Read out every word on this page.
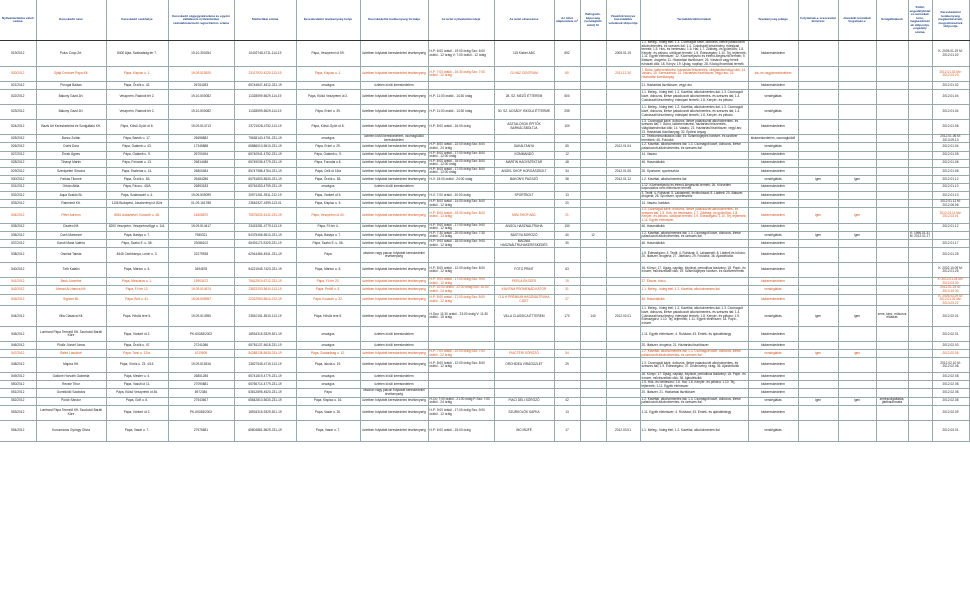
Nyilvántartásba vételi száma	Kereskedő neve	Kereskedő székhelye	Kereskedő cégjegyzékszáma és egyéni vállalkozói nyilvántartási száma/kistermelő regisztrációs száma	Statisztikai száma	Kereskedelmi tevékenység helye	Kereskedelmi tevékenység formája	Az üzlet nyitvatartási ideje	Az üzlet elnevezése	Az üzlet alapterülete m²	Befogadó-képesség (vendéglátó üzlet) fő	Vásárlók könyve használatba vételének időpontja	Termékkörök/termékek	Tevékenység jellege	Folytatnak-e szeszesital kimérést	Jövedéki termékek forgalmaz-e	Szolgáltatások	Külön engedélyköteles termékek köre, megkezdésének időpontja, engedély száma,	Kereskedelmi tevékenység megkezdésének, megszűnésének időpontja
519/2012	Polus Coop Zrt.	8400 Ajka, Szabadság tér 7.	19-10-300254	10402748-4711-114-19	Pápa, Veszprémi út 59.	üzletben folytatott kereskedelmi tevékenység	H-P: 6:00 órától - 19:00 óráig Szo: 6:00 órától - 12 óráig V: 7:00 órától - 12 óráig	115 Kisker ABC	692		2005.01.19	1.1. Meleg-, hideg étel; 1.3. Csomagolt kávé, dobozos, illetve palackozott alkoholmentes- és szeszes ital; 1.4. Cukrászati készítmény, édesipari termék; 1.5. Hús- és hentesáru; 1.6. Hal; 1.7. Zöldség- és gyümölcs; 1.8. Kenyér- és pékáru, sütőipari termék; 1.9. Édességáru; 1.10. Tej, tejtermék; 1.11. Egyéb élelmiszer; 12. Közérzetjavító és étrend-kiegészítő termék; 9. Illatszer, drogéria; 11. Háztartási tisztítószer; 26. Vásárolt vagy bérelt ruházati cikk; 18. Könyv; 19. Újság, napilap; 28. Kőolaj-finomítási termék	kiskereskedelem					K: 2005.01.19 M: 2012.01.02
520/2012	Ojtájt Centrum Pápa Kft.	Pápa, Kispiac u. 1.	19-09-515520	23117920-4220-113-19	Pápa, Kispiac u. 1.	üzletben folytatott kereskedelmi tevékenység	H-P: 7:00 órától - 16:30 óráig Szo: 7:00 órától - 12 óráig	GI-HÁZ CENTRUM	60		2011.12.30	7. Bútor, lakberendezési, háztartási felszerelés, világítástechnikai cikk; 14. Vasáru, 15. Szerszámok; 21. Háztartási tisztítószer, vegyi áru; 23. Háztartási tüzelőanyag	kis- és nagykereskedelem					2012.01.02 Mv: 2012.03.23
521/2012	Porogai Balázs	Pápa, Őrzők u. 42.	26764283	65744847-4612-231-19	országos	üzleten kívüli kereskedelem						21. Háztartási tisztítószer, vegyi áru	kiskereskedelem					2012.01.02
522/2012	Bakony Gazd Zrt.	Veszprém, Radnóti tér 2.	19-10-500082	11328599-5629-114-19	Pápa, Külső Veszprémi út 2.	üzletben folytatott kereskedelmi tevékenység	H-P: 11:00 órától - 14:30 óráig	28. SZ. MEZŐ ÉTTEREM	500			1.1. Meleg-, hideg étel; 1.2. Kávéital, alkoholmentes ital; 1.3. Csomagolt kávé, dobozos, illetve palackozott alkoholmentes- és szeszes ital; 1.4. Cukrászati készítmény, édesipari termék; 1.8. Kenyér- és pékáru	vendéglátás					2012.01.04
523/2012	Bakony Gazd Zrt.	Veszprém, Radnóti tér 2.	19-10-500082	11328599-5629-114-19	Pápa, Erkel u. 39.	üzletben folytatott kereskedelmi tevékenység	H-P: 11:00 órától - 14:30 óráig	30. SZ. ACSÁDY ISKOLA ÉTTERME	255			1.1. Meleg-, hideg étel; 1.2. Kávéital, alkoholmentes ital; 1.3. Csomagolt kávé, dobozos, illetve palackozott alkoholmentes- és szeszes ital; 1.4. Cukrászati készítmény, édesipari termék; 1.8. Kenyér- és pékáru	vendéglátás					2012.01.04
524/2012	Bazis Art Kereskedelmi és Szolgáltató Kft.	Pápa, Külső-Győri út 8.	19-09-514713	23721528-4752-113-19	Pápa, Külső-Győri út 8.	üzletben folytatott kereskedelmi tevékenység	H-P: 8:00 órától - 16:00 óráig	ASZTALOSOK ÉPÍTŐK BARKÁCSBOLTJA	100			1.3. Csomagolt kávé, dobozos, illetve palackozott alkoholmentes- és szeszes ital; 7. Bútor, lakberendezési, háztartási felszerelés, világítástechnikai cikk; 14. Vasáru; 21. Háztartási tisztítószer, vegyi áru; 23. Háztartási tüzelőanyag; 32. Építési anyag	kiskereskedelem					2012.01.06
525/2012	Boncz Zoltán	Pápa, Bartók u. 17.	26698882	75638140-4791-231-19	országos	üzleten kívüli kereskedelem, csomagküldő kereskedelem						12. Telekommunikációs cikk; 19. Számítógépes hardver- és szoftver termékek; 46. Fotócikk	kiskereskedelem, csomagküldő					2012.01.06 M: 2013.09.13
526/2012	Csehi Dóra	Pápa, Galamb u. 43.	17345888	65886010-5610-231-19	Pápa, Erkel u. 29.	üzletben folytatott kereskedelmi tevékenység	H-P: 8:00 órától - 22:00 óráig Szo: 8:00 órától - 24 óráig	SAKÁLTANYA	55		2012.01.04	1.2. Kávéital, alkoholmentes ital; 1.3. Csomagolt kávé, dobozos, illetve palackozott alkoholmentes- és szeszes ital	vendéglátás					2012.01.04
527/2012	Ércek Ágnes	Pápa, Galamb u. 9.	26700494	65740941-4752-231-19	Pápa, Galamb u. 9.	üzletben folytatott kereskedelmi tevékenység	H-P: 8:00 órától - 17:00 óráig Szo: 8:00 órától - 12:00 óráig	KOMMANDÓ	12			14. Vasáru	kiskereskedelem					2012.01.05
528/2012	Tihanyi Martin	Pápa, Fonodai u. 13.	26814486	65749036-4779-231-19	Pápa, Fonodai u.6.	üzletben folytatott kereskedelmi tevékenység	H-P: 8:00 órától - 16:00 óráig Szo: 8:00 órától - 12:00 óráig	MARTIN HAGYATÉKTÁR	48			46. Használtcikk	kiskereskedelem					2012.01.06
529/2012	Szentpéteri Simona	Pápa, Eszterás u. 41.	26800484	65747988-4764-231-19	Pápa, Celli út 16/a	üzletben folytatott kereskedelmi tevékenység	H-P: 8:00 órától - 17:00 óráig Szo: 8:00 órától - 12:00 óráig	ANGEL SHOP HORGÁSZBOLT	34		2012.01.06	26. Sportszer, sporteszköz	kiskereskedelem					2012.01.06
530/2012	Farkas Tiborné	Pápa, Őrzők u. 83.	26484286	65751803-5630-231-19	Pápa, Őrzők u. 83.	üzletben folytatott kereskedelmi tevékenység	H-V: 15:00 órától - 24:00 óráig	BAKONYI PAGSZÓ	38		2012.01.12	1.2. Kávéital, alkoholmentes ital	vendéglátás	igen	igen			2012.01.12
531/2012	Orbán Attila	Pápa, Fáva u. 40/A	26893183	65754353-4799-231-19	országos	üzleten kívüli kereskedelem						1.12. Közérzetjavító és étrend-kiegészítő termék; 26. Közvetlen kapcsolatos nem élelmiszer termék	kiskereskedelem					2012.01.10
532/2012	Aqua Szaldó Bt.	Pápa, Szalmavári u. 4.	19-06-505099	20971261-9311-212-19	Pápa, Várkert út 5.	üzletben folytatott kereskedelmi tevékenység	H-V: 7:00 órától - 20:00 óráig	SPORTBOLT	13			3. Textil; 4. Ruházat; 5. Lakástextil, textilruházat; 8. Lábbeli; 20. Illatszer, drogéria; 26. Sportszer, sporteszköz	kiskereskedelem					2012.01.10
533/2012	Ramnimit Kft.	1106 Budapest, Jászberényi út 82/a	01-09-161788	23661927-4399-113-01	Pápa, Kispiac u. 5.	üzletben folytatott kereskedelmi tevékenység	H-P: 8:00 órától - 14:00 óráig Szo: 8:00 órától - 12 óráig		20			14. Vasáru, barkács	kiskereskedelem					2012.01.11 M: 2012.06.06
534/2012	Péter Adrienn	8561 Adásztevel, Kossuth u. 48.	16408870	75575832-6142-231-19	Pápa, Veszprémi út 40.	üzletben folytatott kereskedelmi tevékenység	H-P: 8:00 órától - 15:00 óráig Szo: 8:00 órától - 13 óráig	MINI SHOP ABC	21			1.3. Csomagolt kávé, dobozos, illetve palackozott alkoholmentes- és szeszes ital; 1.5. Hús- és hentesáru; 1.7. Zöldség- és gyümölcs; 1.8. Kenyér- és pékáru, sütőipari termék; 1.9. Édességáru; 1.10. Tej, tejtermék; 1.11. Egyéb élelmiszer	kiskereskedelem	igen	igen			2012.01.11 Mv: 2012.03.01
535/2012	Ciszteo Kft.	8200 Veszprém, Veszprémvölgyi u. 1/A.	19-09-514417	23415281-4779-113-19	Pápa, Fő tér 4.	üzletben folytatott kereskedelmi tevékenység	H-P: 9:00 órától - 17:00 óráig Szo: 9:00 órától - 12 óráig	ANGOL HASZNÁLTRUHA	150			46. Használtcikk	kiskereskedelem					2012.01.12
536/2012	Cseh Mártonné	Pápa, Bástya u. 7.	7985321	54375456-5610-231-19	Pápa, Bástya u. 7.	üzletben folytatott kereskedelmi tevékenység	H-P: 7:30 órától - 20:00 óráig Szo: 7:30 órától - 24 óráig	BÁSTYA BOROZÓ	40	12		1.2. Kávéital, alkoholmentes ital; 1.3. Csomagolt kávé, dobozos, illetve palackozott alkoholmentes- és szeszes ital	vendéglátás	igen	igen		K: 1996.01.31 M: 2012.01.17	
537/2012	Karóti Mária Valéria	Pápa, Szabó E. u. 56.	23086102	65491173-9329-231-19	Pápa, Szabó E. u. 56.	üzletben folytatott kereskedelmi tevékenység	H-P: 9:00 órától - 18:00 óráig Szo: 9:00 órától - 12 óráig	MAGNIA HASZNÁLTRUHAKERESKEDÉS	30			46. Használtcikk	kiskereskedelem					2012.01.17
538/2012	Osmiák Tamás	8445 Csehbánya, Lenin u. 3.	22279938	62044484-4941-231-19	Pápa	vásáron vagy piacon folytatott kereskedelmi tevékenység						1.9. Édességáru; 3. Textil; 4. Ruházat; 5. Lakástextil; 8. Lábbeli és bőráru; 20. Illatszer, drogéria; 27. Játékáru; 29. Fotócikk; 36. Ajándékcikk	kiskereskedelem					2012.01.25
540/2012	Tóth Katalin	Pápa, Márton u. 5.	3494878	54221545-7420-231-19	Pápa, Márton u. 5.	üzletben folytatott kereskedelmi tevékenység	H-P: 8:00 órától - 12:00 óráig Szo: 8:00 órától - 12 óráig	FOTO PRINT	63			16. Könyv; 17. Újság, napilap, folyóirat, periodikus kiadvány; 18. Papír- és írószer, művészellátó cikk; 19. Számítógépes hardver- és szoftvertermék	kiskereskedelem					K: 2002.10.09 M: 2012.01.25
541/2012	Beck Józsefné	Pápa, Mészáros u. 1.	15903472	75612919-6712-231-19	Pápa, Fő tér 20.	üzletben folytatott kereskedelmi tevékenység	H-P: 9:00 órától - 17:00 óráig Szo: 9:00 órától - 12 óráig	PERLA ÉKSZER	19			37. Ékszer, bizsu	kiskereskedelem					K: 2012.01.24 Mv: 2012.03.30
542/2012	Ahmad Al-Hamza Kft.	Pápa, Fő tér 12.	19-09-514574	23823193-5610-113-19	Pápa, Petőfi u. 5.	üzletben folytatott kereskedelmi tevékenység	H-P: 10:00 órától - 22:00 óráig Szo: 10:00 órától - 24 óráig	KAVITAM PROMENÁD KÁTOR	31			1.1. Meleg-, hideg étel; 1.2. Kávéital, alkoholmentes ital	vendéglátás					2012.01.24 M: 2013.10.30
543/2012	Signore Bt.	Pápa, Bolt u. 41.	19-06-508957	22322953-5610-212-19	Pápa, Kossuth u. 22.	üzletben folytatott kereskedelmi tevékenység	H-P: 8:00 órától - 17:00 óráig Szo: 8:00 órától - 12 óráig	O & H PRÉMIUM HASZNÁLTRUHA CIZET	27			46. Használtcikk	kiskereskedelem					K: 2006.03.29 M: 2012.01.31 Mv: 2013.03.22
544/2012	Villa Classica Kft.	Pápa, Hősök tere 5.	19-09-514955	23810151-5510-113-19	Pápa, Hősök tere 5.	üzletben folytatott kereskedelmi tevékenység	H-Szo: 11:30 órától - 23:00 óráig V: 11:30 órától - 15 óráig	VILLA CLASSICA ÉTTEREM	170	140	2012.02.01	1.1. Meleg-, hideg étel; 1.2. Kávéital, alkoholmentes ital; 1.3. Csomagolt kávé, dobozos, illetve palackozott alkoholmentes- és szeszes ital; 1.4. Cukrászati készítmény, édesipari termék; 1.8. Kenyér- és pékáru; 1.9. Édességáru; 1.10. Tej, tejtermék; 1.11. Egyéb élelmiszer; 18. Papír-, írószer	vendéglátás	igen	igen	zene, tánc, műsoros előadás		2012.02.01
545/2012	Lombard Pápa Termelő Kft. Szurkolói Baráti Köre	Pápa, Várkert út 2.	PK-60038/2002	18934315-9329-521-19	országos	üzleten kívüli kereskedelem						1.11. Egyéb élelmiszer; 4. Ruházat; 43. Emlék- és ajándéktárgy	kiskereskedelem					2012.02.01
546/2012	Pödör József János	Pápa, Őrzők u. 47.	27241086	65781137-4618-231-19	országos	üzleten kívüli kereskedelem						20. Illatszer, drogéria; 21. Háztartási tisztítószer	kiskereskedelem					2012.02.03
547/2012	Bálint Lászlóné	Pápa, Tanú u. 12/a.	4219509	54288238-5630-231-19	Pápa, Szabadság u. 12.	üzletben folytatott kereskedelmi tevékenység	H-P: 7:00 órától - 22:00 óráig Szo: 7:00 órától - 22 óráig	PIACTÉRI SÖRÖZŐ	54			1.2. Kávéital, alkoholmentes ital; 1.3. Csomagolt kávé, dobozos, illetve palackozott alkoholmentes- és szeszes ital	vendéglátás	igen	igen			2012.02.06
548/2012	Majosz Kft.	Pápa, Vörös u. 23. 4/13.	19-09-516516	23827545-4719-113-19	Pápa, Iskola u. 19.	üzletben folytatott kereskedelmi tevékenység	H-P: 8:00 órától - 12:00 óráig Szo: 8:00 órától - 12 óráig	ORCHIDEA VIRÁGÜZLET	29			1.3. Csomagolt kávé, dobozos, illetve palackozott alkoholmentes- és szeszes ital; 1.9. Édességáru; 37. Dísznövény, virág; 36. Ajándékcikk	kiskereskedelem					2012.02.10 M: 2012.02.06
549/2012	Gallóné Horváth Gabriella	Pápa, Mester u. 4.	26851285	65741819-4779-231-19	országos	üzleten kívüli kereskedelem						16. Könyv; 17. Újság, napilap, folyóirat, periodikus kiadvány; 18. Papír- és írószer, művészellátó cikk; 36. Ajándékcikk	kiskereskedelem					2012.02.08
550/2012	Recsie Tibor	Pápa, Vasúti út 11.	27090881	65766714-4779-231-19	országos	üzleten kívüli kereskedelem						1.5. Hús- és hentesáru; 1.6. Hal; 1.8. Kenyér- és pékáru; 1.10. Tej, tejtermék; 1.11. Egyéb élelmiszer	kiskereskedelem					2012.02.08
551/2012	Gombkötő Szabolcs	Pápa, Külső Veszprémi út 36.	6972384	63612895-4520-231-19	Pápa	vásáron vagy piacon folytatott kereskedelmi tevékenység						20. Illatszer, 21. Háztartási tisztítószer	kiskereskedelem					2012.02.08
552/2012	Pödör Sándor	Pápa, Golf u. 6.	27543667	65842810-5630-231-19	Pápa, Kispiac u. 16.	üzletben folytatott kereskedelmi tevékenység	H-Cs: 7:00 órától - 21:00 óráig P-Szo: 7:00 órától - 24 óráig	PIACI DÉLI SÖRÖZŐ	42			1.2. Kávéital, alkoholmentes ital; 1.3. Csomagolt kávé, dobozos, illetve palackozott alkoholmentes- és szeszes ital	vendéglátás	igen	igen	zeneszolgáltatás, játékautomata		2012.02.08
553/2012	Lombard Pápa Termelő Kft. Szurkolói Baráti Köre	Pápa, Várkert út 2.	PK-60038/2002	18934315-9329-521-19	Pápa, Vasar u. 30.	üzletben folytatott kereskedelmi tevékenység	H-P: 9:00 órától - 17:00 óráig Szo: 9:00 órától - 12 óráig	SZURKOLÓK SAPKA	13			1.11. Egyéb élelmiszer; 4. Ruházat; 43. Emlék- és ajándéktárgy	kiskereskedelem					2012.02.09
554/2012	Korcsmáros Gyöngy Olivia	Pápa, Vasar u. 7.	27575681	65804881-5629-231-19	Pápa, Vasar u. 7.	üzletben folytatott kereskedelmi tevékenység	H-P: 6:00 órától - 15:00 óráig	INCI BÜFÉ	17		2012.03.01	1.1. Meleg-, hideg étel; 1.2. Kávéital, alkoholmentes ital	vendéglátás					2012.03.01
